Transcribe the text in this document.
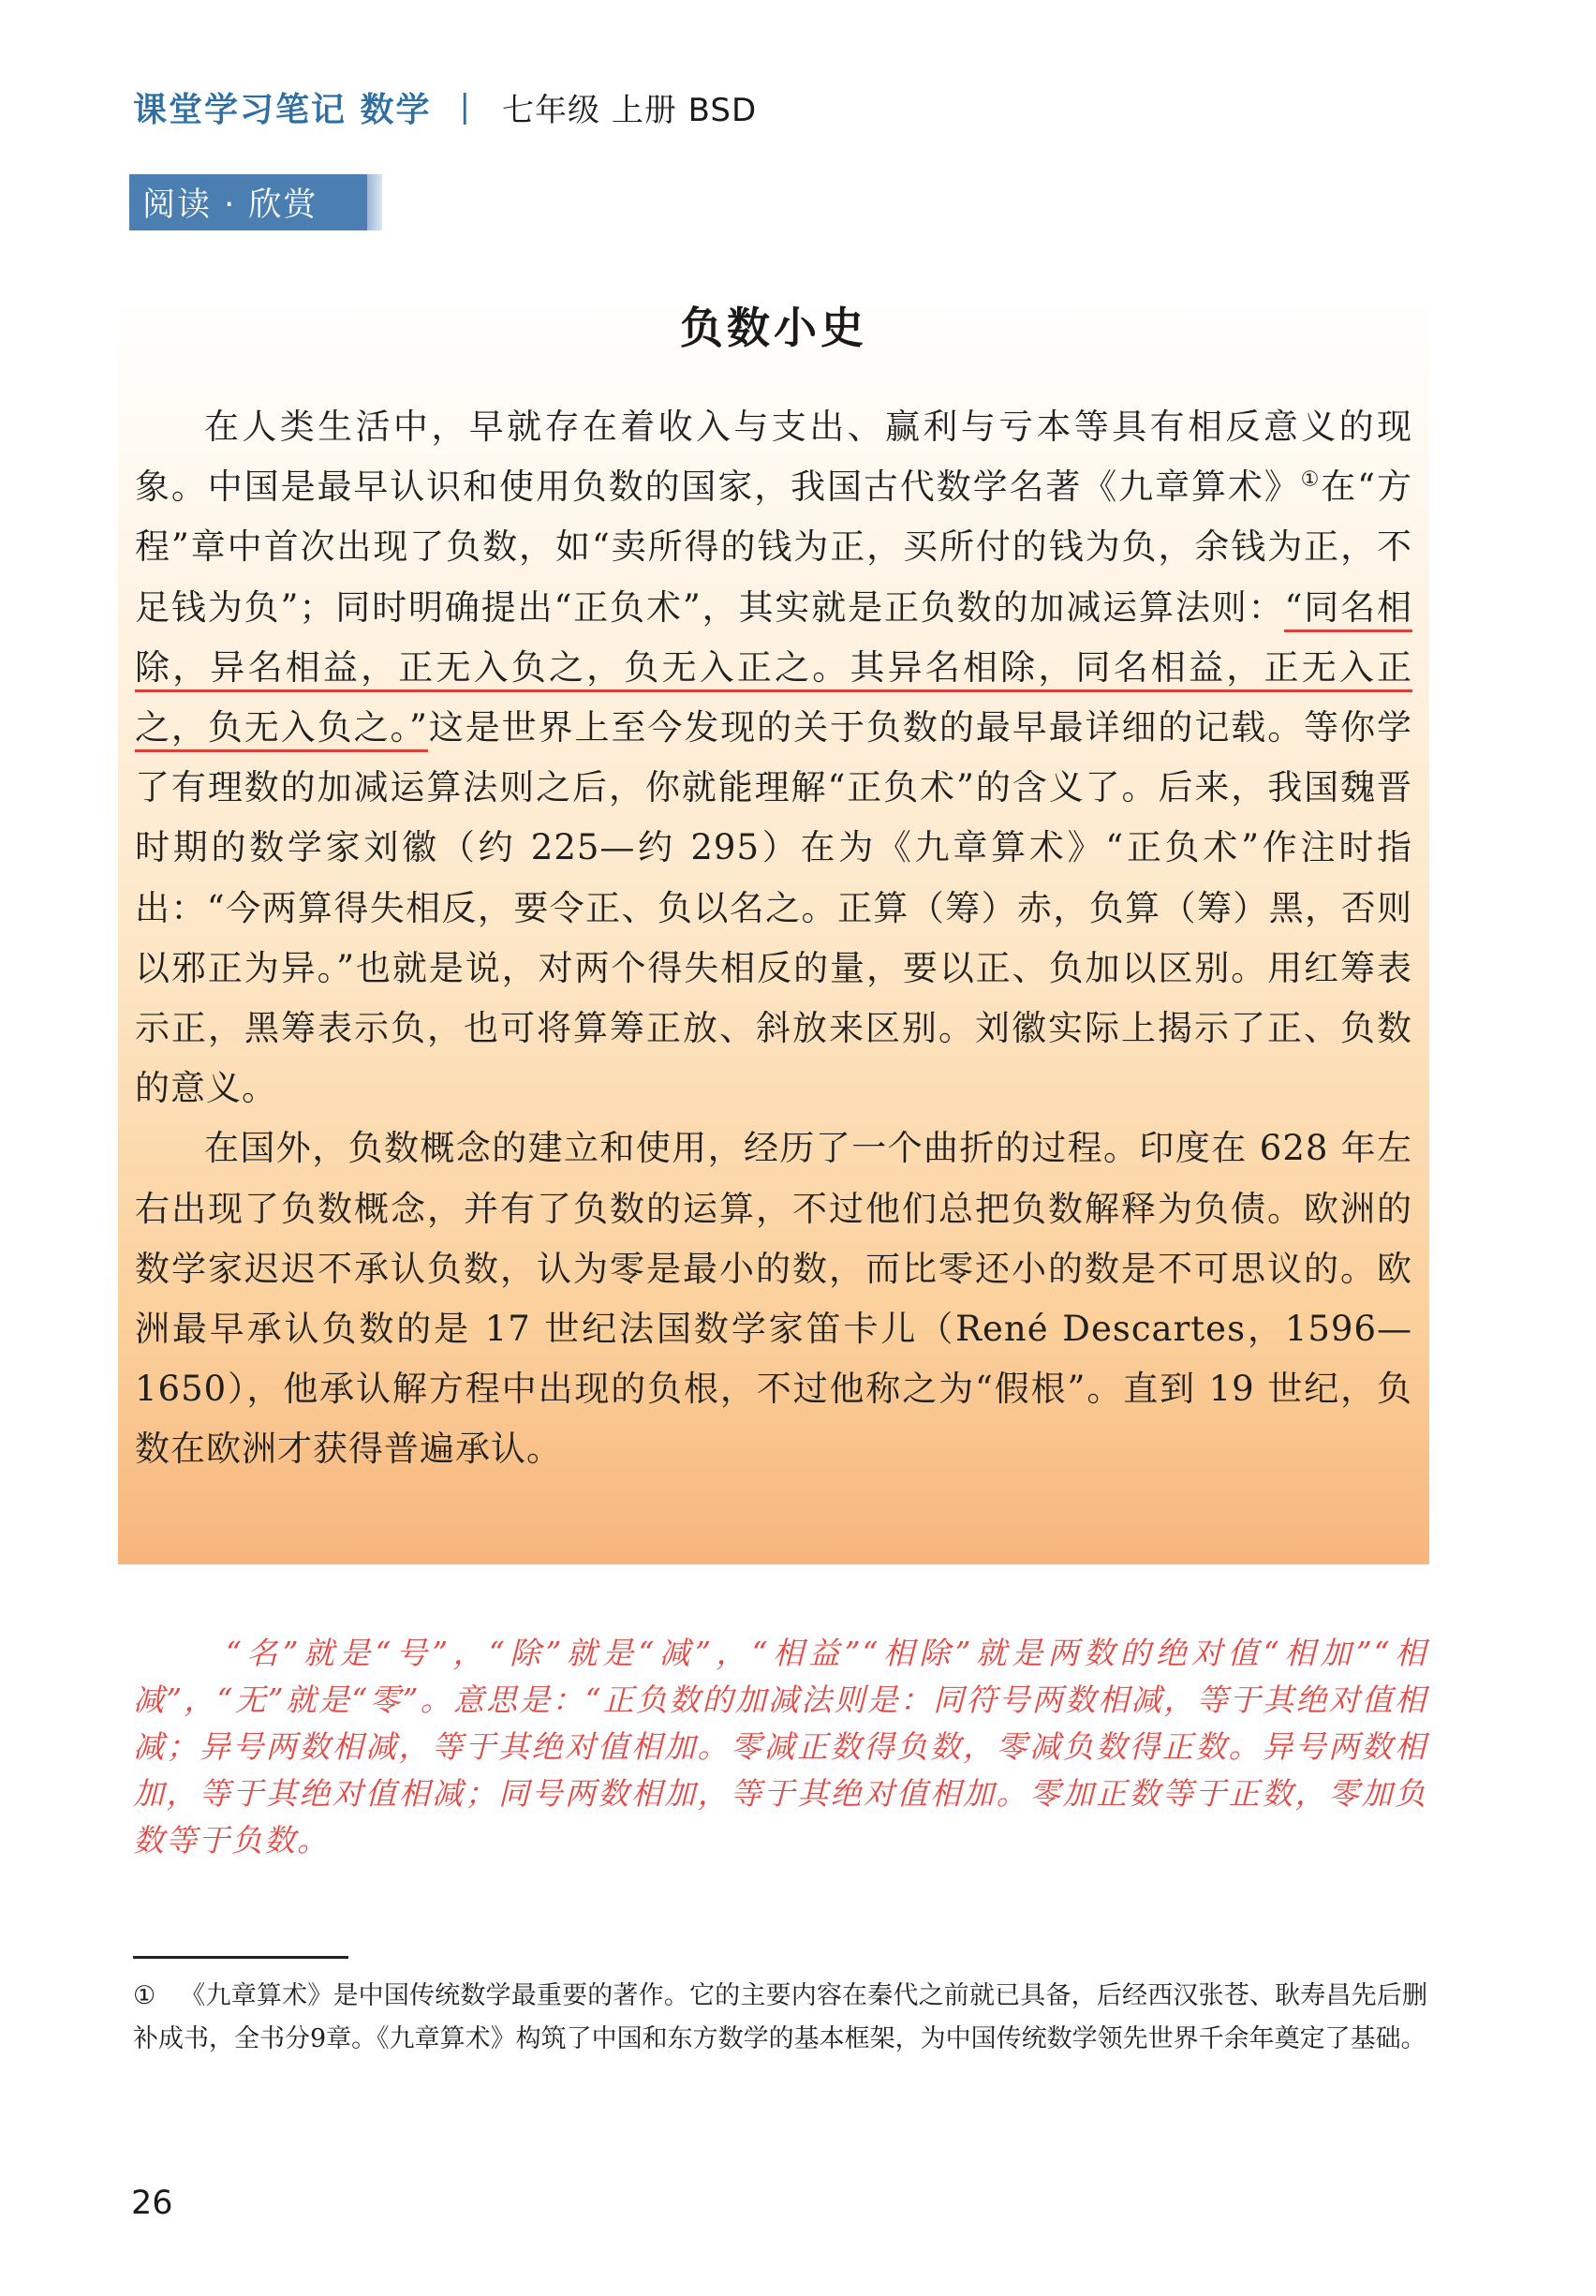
课堂学习笔记 数学 | 七年级 上册 BSD
阅读 · 欣赏
负数小史

在人类生活中，早就存在着收入与支出、赢利与亏本等具有相反意义的现象。中国是最早认识和使用负数的国家，我国古代数学名著《九章算术》①在“方程”章中首次出现了负数，如“卖所得的钱为正，买所付的钱为负，余钱为正，不足钱为负”；同时明确提出“正负术”，其实就是正负数的加减运算法则：“同名相除，异名相益，正无入负之，负无入正之。其异名相除，同名相益，正无入正之，负无入负之。”这是世界上至今发现的关于负数的最早最详细的记载。等你学了有理数的加减运算法则之后，你就能理解“正负术”的含义了。后来，我国魏晋时期的数学家刘徽（约 225—约 295）在为《九章算术》“正负术”作注时指出：“今两算得失相反，要令正、负以名之。正算（筹）赤，负算（筹）黑，否则以邪正为异。”也就是说，对两个得失相反的量，要以正、负加以区别。用红筹表示正，黑筹表示负，也可将算筹正放、斜放来区别。刘徽实际上揭示了正、负数的意义。

在国外，负数概念的建立和使用，经历了一个曲折的过程。印度在 628 年左右出现了负数概念，并有了负数的运算，不过他们总把负数解释为负债。欧洲的数学家迟迟不承认负数，认为零是最小的数，而比零还小的数是不可思议的。欧洲最早承认负数的是 17 世纪法国数学家笛卡儿（René Descartes，1596—1650），他承认解方程中出现的负根，不过他称之为“假根”。直到 19 世纪，负数在欧洲才获得普遍承认。

“名”就是“号”，“除”就是“减”，“相益”“相除”就是两数的绝对值“相加”“相减”，“无”就是“零”。意思是：“正负数的加减法则是：同符号两数相减，等于其绝对值相减；异号两数相减，等于其绝对值相加。零减正数得负数，零减负数得正数。异号两数相加，等于其绝对值相减；同号两数相加，等于其绝对值相加。零加正数等于正数，零加负数等于负数。

① 《九章算术》是中国传统数学最重要的著作。它的主要内容在秦代之前就已具备，后经西汉张苍、耿寿昌先后删补成书，全书分9章。《九章算术》构筑了中国和东方数学的基本框架，为中国传统数学领先世界千余年奠定了基础。

26
